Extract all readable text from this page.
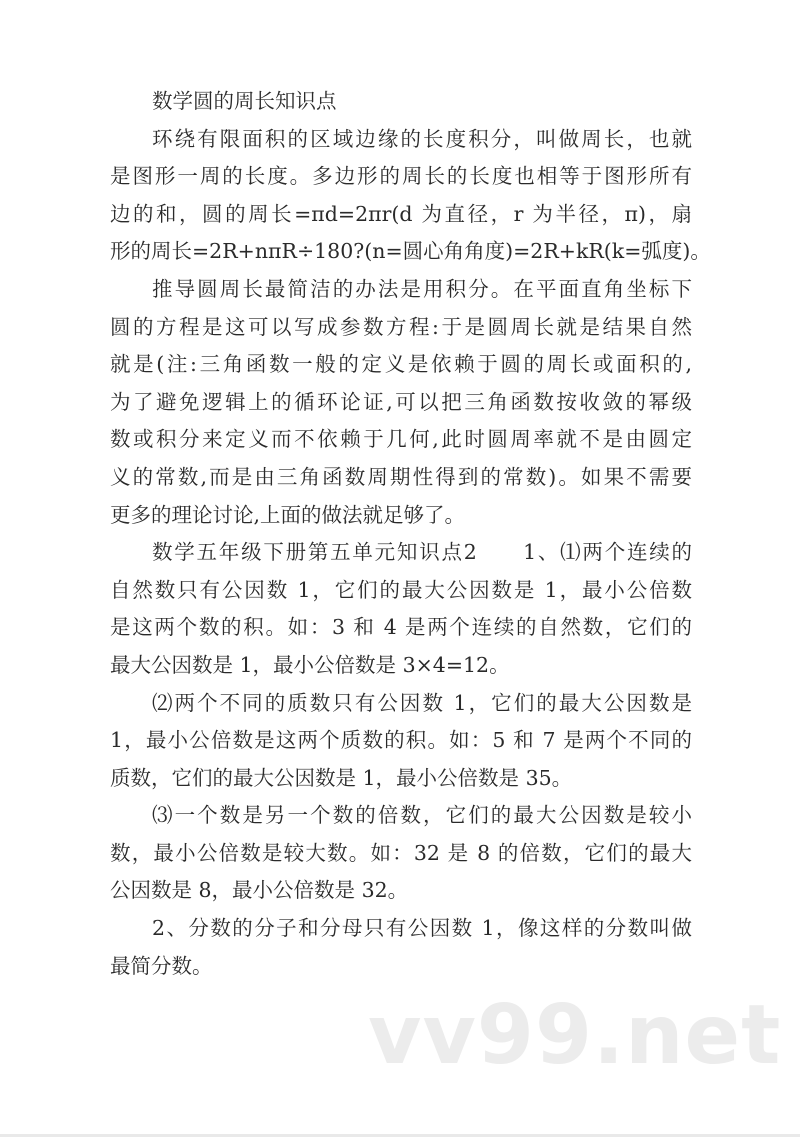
数学圆的周长知识点
环绕有限面积的区域边缘的长度积分，叫做周长，也就
是图形一周的长度。多边形的周长的长度也相等于图形所有
边的和，圆的周长=πd=2πr(d 为直径，r 为半径，π)，扇
形的周长=2R+nπR÷180?(n=圆心角角度)=2R+kR(k=弧度)。
推导圆周长最简洁的办法是用积分。在平面直角坐标下
圆的方程是这可以写成参数方程:于是圆周长就是结果自然
就是(注:三角函数一般的定义是依赖于圆的周长或面积的,
为了避免逻辑上的循环论证,可以把三角函数按收敛的幂级
数或积分来定义而不依赖于几何,此时圆周率就不是由圆定
义的常数,而是由三角函数周期性得到的常数)。如果不需要
更多的理论讨论,上面的做法就足够了。
数学五年级下册第五单元知识点2　　1、⑴两个连续的
自然数只有公因数 1，它们的最大公因数是 1，最小公倍数
是这两个数的积。如：3 和 4 是两个连续的自然数，它们的
最大公因数是 1，最小公倍数是 3×4=12。
⑵两个不同的质数只有公因数 1，它们的最大公因数是
1，最小公倍数是这两个质数的积。如：5 和 7 是两个不同的
质数，它们的最大公因数是 1，最小公倍数是 35。
⑶一个数是另一个数的倍数，它们的最大公因数是较小
数，最小公倍数是较大数。如：32 是 8 的倍数，它们的最大
公因数是 8，最小公倍数是 32。
2、分数的分子和分母只有公因数 1，像这样的分数叫做
最简分数。
vv99.net
